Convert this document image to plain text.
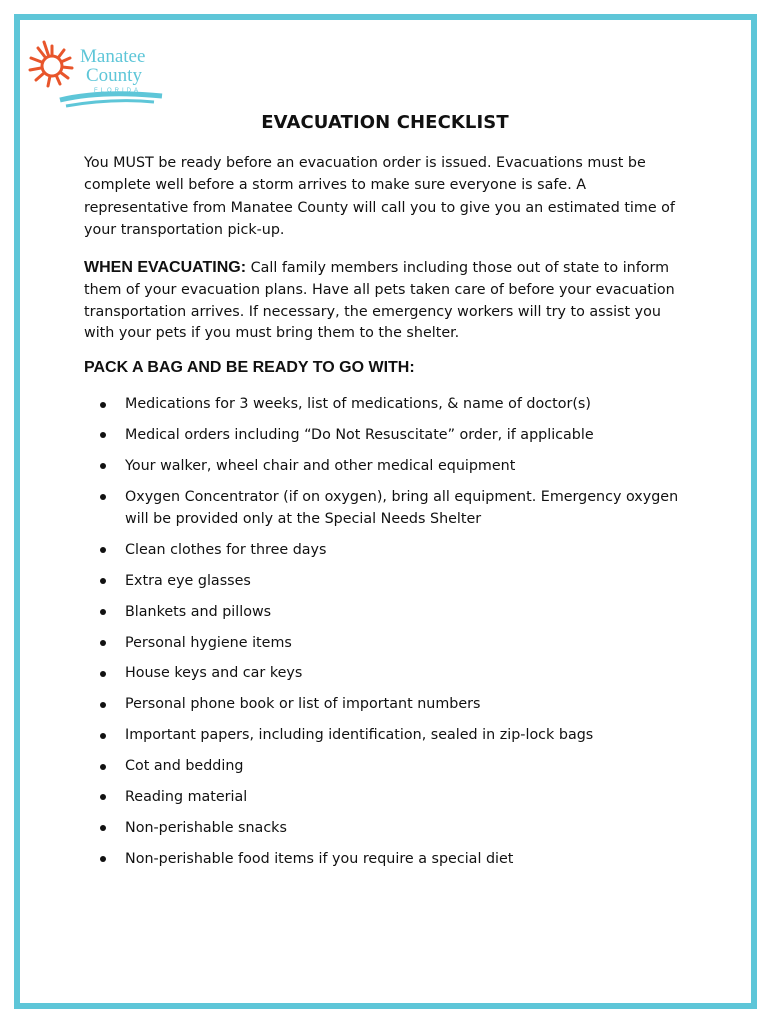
Manatee
County
FLORIDA
EVACUATION CHECKLIST
You MUST be ready before an evacuation order is issued. Evacuations must be complete well before a storm arrives to make sure everyone is safe. A representative from Manatee County will call you to give you an estimated time of your transportation pick-up.
WHEN EVACUATING: Call family members including those out of state to inform them of your evacuation plans. Have all pets taken care of before your evacuation transportation arrives. If necessary, the emergency workers will try to assist you with your pets if you must bring them to the shelter.
PACK A BAG AND BE READY TO GO WITH:
Medications for 3 weeks, list of medications, & name of doctor(s)
Medical orders including “Do Not Resuscitate” order, if applicable
Your walker, wheel chair and other medical equipment
Oxygen Concentrator (if on oxygen), bring all equipment. Emergency oxygen will be provided only at the Special Needs Shelter
Clean clothes for three days
Extra eye glasses
Blankets and pillows
Personal hygiene items
House keys and car keys
Personal phone book or list of important numbers
Important papers, including identification, sealed in zip-lock bags
Cot and bedding
Reading material
Non-perishable snacks
Non-perishable food items if you require a special diet
